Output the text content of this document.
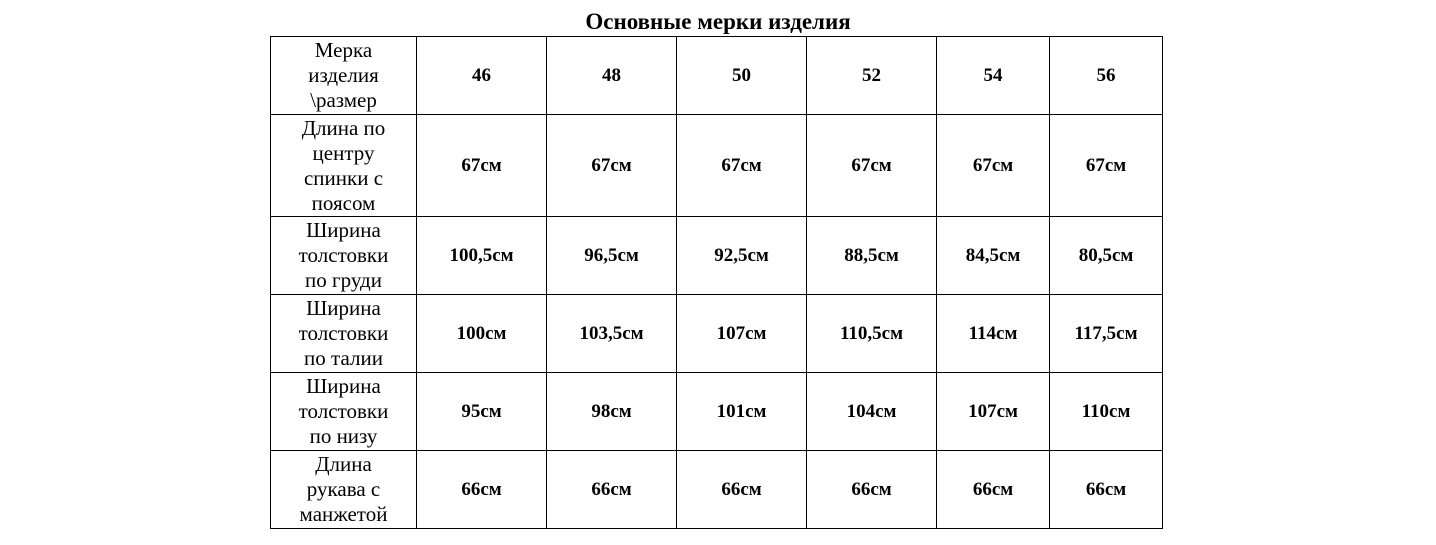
Основные мерки изделия
Мерка
изделия
\размер	46	48	50	52	54	56

Длина по
центру
спинки с
поясом	67см	67см	67см	67см	67см	67см

Ширина
толстовки
по груди	100,5см	96,5см	92,5см	88,5см	84,5см	80,5см

Ширина
толстовки
по талии	100см	103,5см	107см	110,5см	114см	117,5см

Ширина
толстовки
по низу	95см	98см	101см	104см	107см	110см

Длина
рукава с
манжетой	66см	66см	66см	66см	66см	66см
